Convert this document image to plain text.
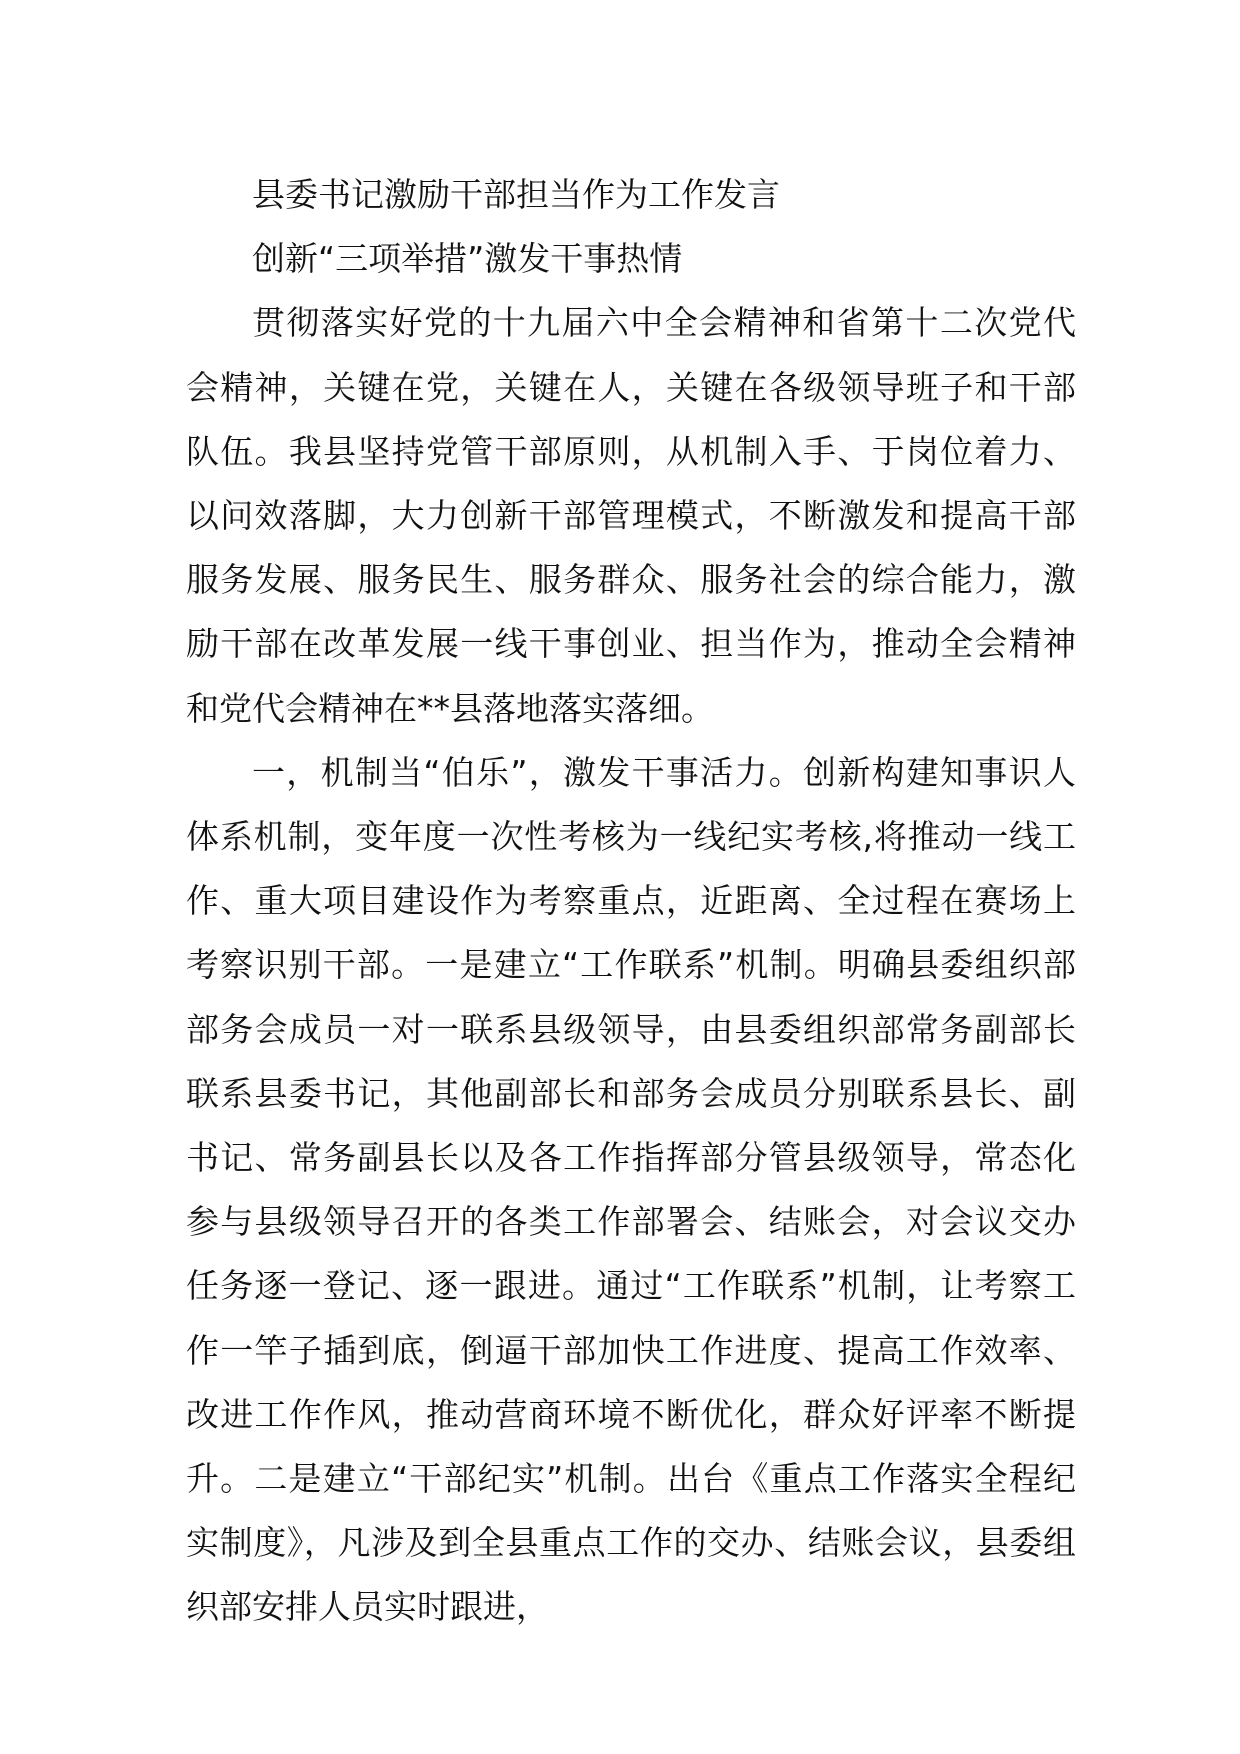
县委书记激励干部担当作为工作发言

创新“三项举措”激发干事热情

贯彻落实好党的十九届六中全会精神和省第十二次党代会精神，关键在党，关键在人，关键在各级领导班子和干部队伍。我县坚持党管干部原则，从机制入手、于岗位着力、以问效落脚，大力创新干部管理模式，不断激发和提高干部服务发展、服务民生、服务群众、服务社会的综合能力，激励干部在改革发展一线干事创业、担当作为，推动全会精神和党代会精神在**县落地落实落细。

一，机制当“伯乐”，激发干事活力。创新构建知事识人体系机制，变年度一次性考核为一线纪实考核,将推动一线工作、重大项目建设作为考察重点，近距离、全过程在赛场上考察识别干部。一是建立“工作联系”机制。明确县委组织部部务会成员一对一联系县级领导，由县委组织部常务副部长联系县委书记，其他副部长和部务会成员分别联系县长、副书记、常务副县长以及各工作指挥部分管县级领导，常态化参与县级领导召开的各类工作部署会、结账会，对会议交办任务逐一登记、逐一跟进。通过“工作联系”机制，让考察工作一竿子插到底，倒逼干部加快工作进度、提高工作效率、改进工作作风，推动营商环境不断优化，群众好评率不断提升。二是建立“干部纪实”机制。出台《重点工作落实全程纪实制度》，凡涉及到全县重点工作的交办、结账会议，县委组织部安排人员实时跟进，
